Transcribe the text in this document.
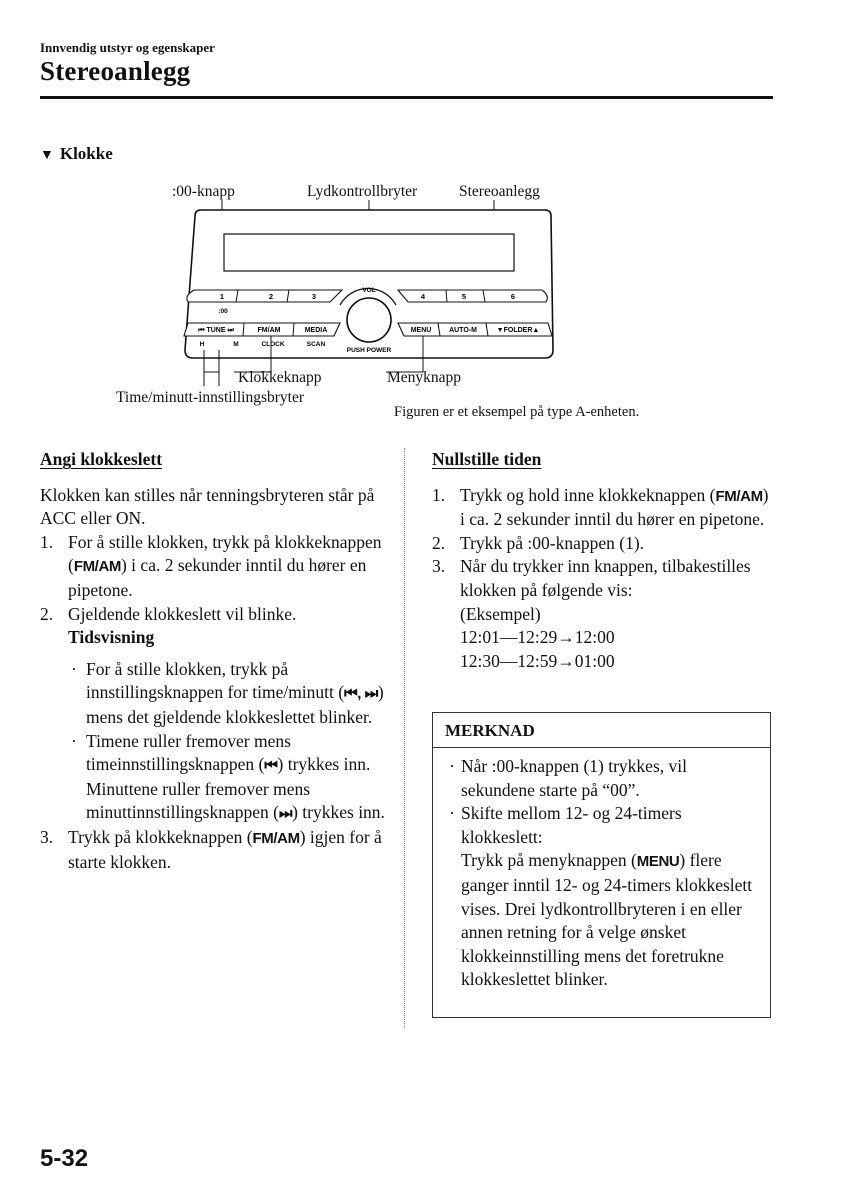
Innvendig utstyr og egenskaper
Stereoanlegg
▼ Klokke
:00-knapp	Lydkontrollbryter	Stereoanlegg
Klokkeknapp	Menyknapp
Time/minutt-innstillingsbryter
1	2	3	4	5	6
:00
VOL
⏮ TUNE ⏭	FM/AM	MEDIA	MENU	AUTO-M	▼FOLDER▲
H	M	CLOCK	SCAN
PUSH POWER
Figuren er et eksempel på type A-enheten.

Angi klokkeslett

Klokken kan stilles når tenningsbryteren står på ACC eller ON.

1. For å stille klokken, trykk på klokkeknappen (FM/AM) i ca. 2 sekunder inntil du hører en pipetone.
2. Gjeldende klokkeslett vil blinke.
Tidsvisning

· For å stille klokken, trykk på innstillingsknappen for time/minutt (⏮, ⏭) mens det gjeldende klokkeslettet blinker.
· Timene ruller fremover mens timeinnstillingsknappen (⏮) trykkes inn. Minuttene ruller fremover mens minuttinnstillingsknappen (⏭) trykkes inn.
3. Trykk på klokkeknappen (FM/AM) igjen for å starte klokken.

Nullstille tiden

1. Trykk og hold inne klokkeknappen (FM/AM) i ca. 2 sekunder inntil du hører en pipetone.
2. Trykk på :00-knappen (1).
3. Når du trykker inn knappen, tilbakestilles klokken på følgende vis:
(Eksempel)
12:01—12:29→12:00
12:30—12:59→01:00
MERKNAD
· Når :00-knappen (1) trykkes, vil sekundene starte på “00”.
· Skifte mellom 12- og 24-timers klokkeslett:
Trykk på menyknappen (MENU) flere ganger inntil 12- og 24-timers klokkeslett vises. Drei lydkontrollbryteren i en eller annen retning for å velge ønsket klokkeinnstilling mens det foretrukne klokkeslettet blinker.
5-32
